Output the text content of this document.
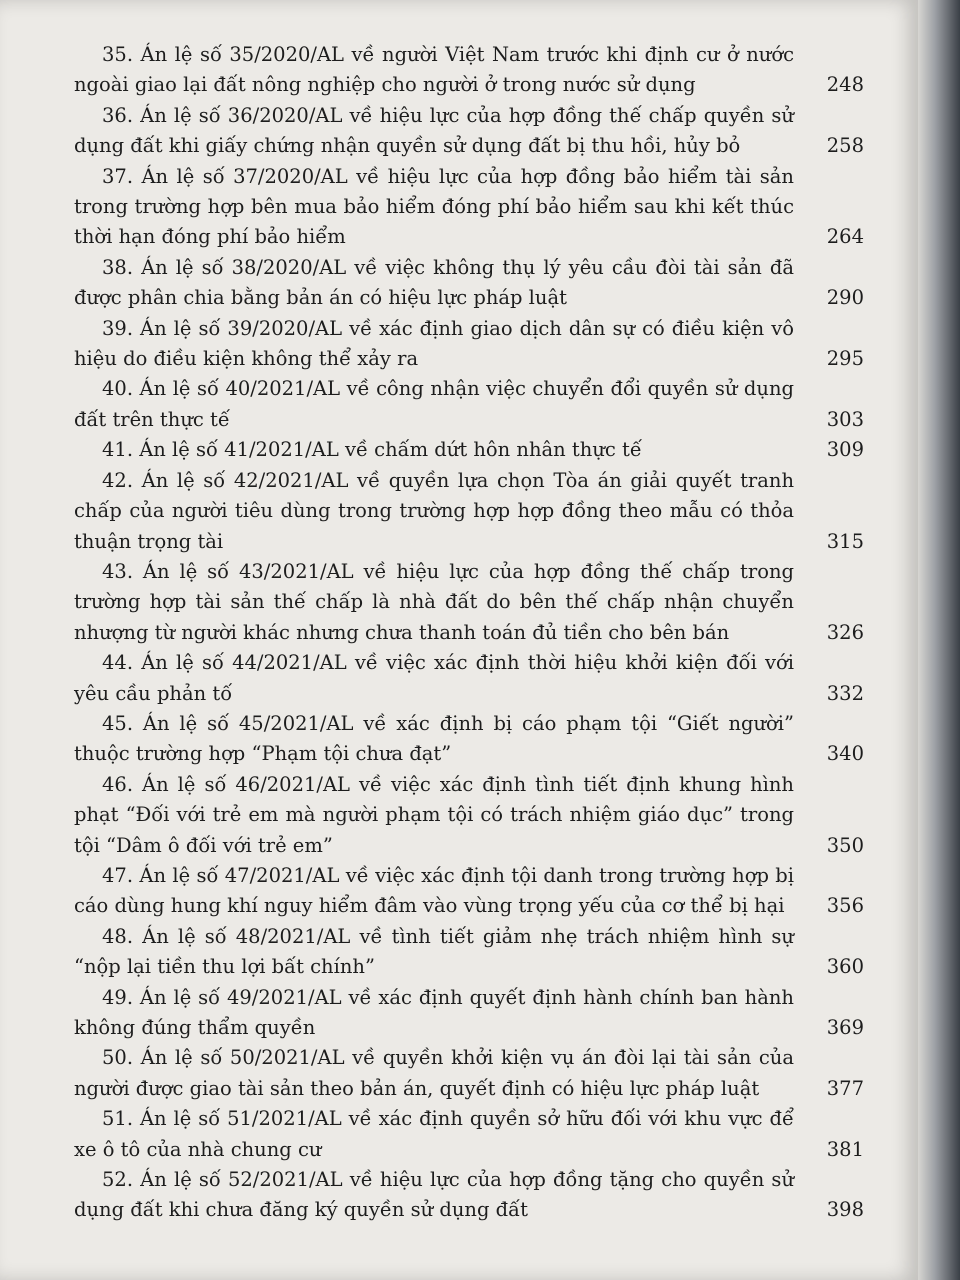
35. Án lệ số 35/2020/AL về người Việt Nam trước khi định cư ở nước ngoài giao lại đất nông nghiệp cho người ở trong nước sử dụng	248
36. Án lệ số 36/2020/AL về hiệu lực của hợp đồng thế chấp quyền sử dụng đất khi giấy chứng nhận quyền sử dụng đất bị thu hồi, hủy bỏ	258
37. Án lệ số 37/2020/AL về hiệu lực của hợp đồng bảo hiểm tài sản trong trường hợp bên mua bảo hiểm đóng phí bảo hiểm sau khi kết thúc thời hạn đóng phí bảo hiểm	264
38. Án lệ số 38/2020/AL về việc không thụ lý yêu cầu đòi tài sản đã được phân chia bằng bản án có hiệu lực pháp luật	290
39. Án lệ số 39/2020/AL về xác định giao dịch dân sự có điều kiện vô hiệu do điều kiện không thể xảy ra	295
40. Án lệ số 40/2021/AL về công nhận việc chuyển đổi quyền sử dụng đất trên thực tế	303
41. Án lệ số 41/2021/AL về chấm dứt hôn nhân thực tế	309
42. Án lệ số 42/2021/AL về quyền lựa chọn Tòa án giải quyết tranh chấp của người tiêu dùng trong trường hợp hợp đồng theo mẫu có thỏa thuận trọng tài	315
43. Án lệ số 43/2021/AL về hiệu lực của hợp đồng thế chấp trong trường hợp tài sản thế chấp là nhà đất do bên thế chấp nhận chuyển nhượng từ người khác nhưng chưa thanh toán đủ tiền cho bên bán	326
44. Án lệ số 44/2021/AL về việc xác định thời hiệu khởi kiện đối với yêu cầu phản tố	332
45. Án lệ số 45/2021/AL về xác định bị cáo phạm tội “Giết người” thuộc trường hợp “Phạm tội chưa đạt”	340
46. Án lệ số 46/2021/AL về việc xác định tình tiết định khung hình phạt “Đối với trẻ em mà người phạm tội có trách nhiệm giáo dục” trong tội “Dâm ô đối với trẻ em”	350
47. Án lệ số 47/2021/AL về việc xác định tội danh trong trường hợp bị cáo dùng hung khí nguy hiểm đâm vào vùng trọng yếu của cơ thể bị hại 356
48. Án lệ số 48/2021/AL về tình tiết giảm nhẹ trách nhiệm hình sự “nộp lại tiền thu lợi bất chính”	360
49. Án lệ số 49/2021/AL về xác định quyết định hành chính ban hành không đúng thẩm quyền	369
50. Án lệ số 50/2021/AL về quyền khởi kiện vụ án đòi lại tài sản của người được giao tài sản theo bản án, quyết định có hiệu lực pháp luật	377
51. Án lệ số 51/2021/AL về xác định quyền sở hữu đối với khu vực để xe ô tô của nhà chung cư	381
52. Án lệ số 52/2021/AL về hiệu lực của hợp đồng tặng cho quyền sử dụng đất khi chưa đăng ký quyền sử dụng đất	398
